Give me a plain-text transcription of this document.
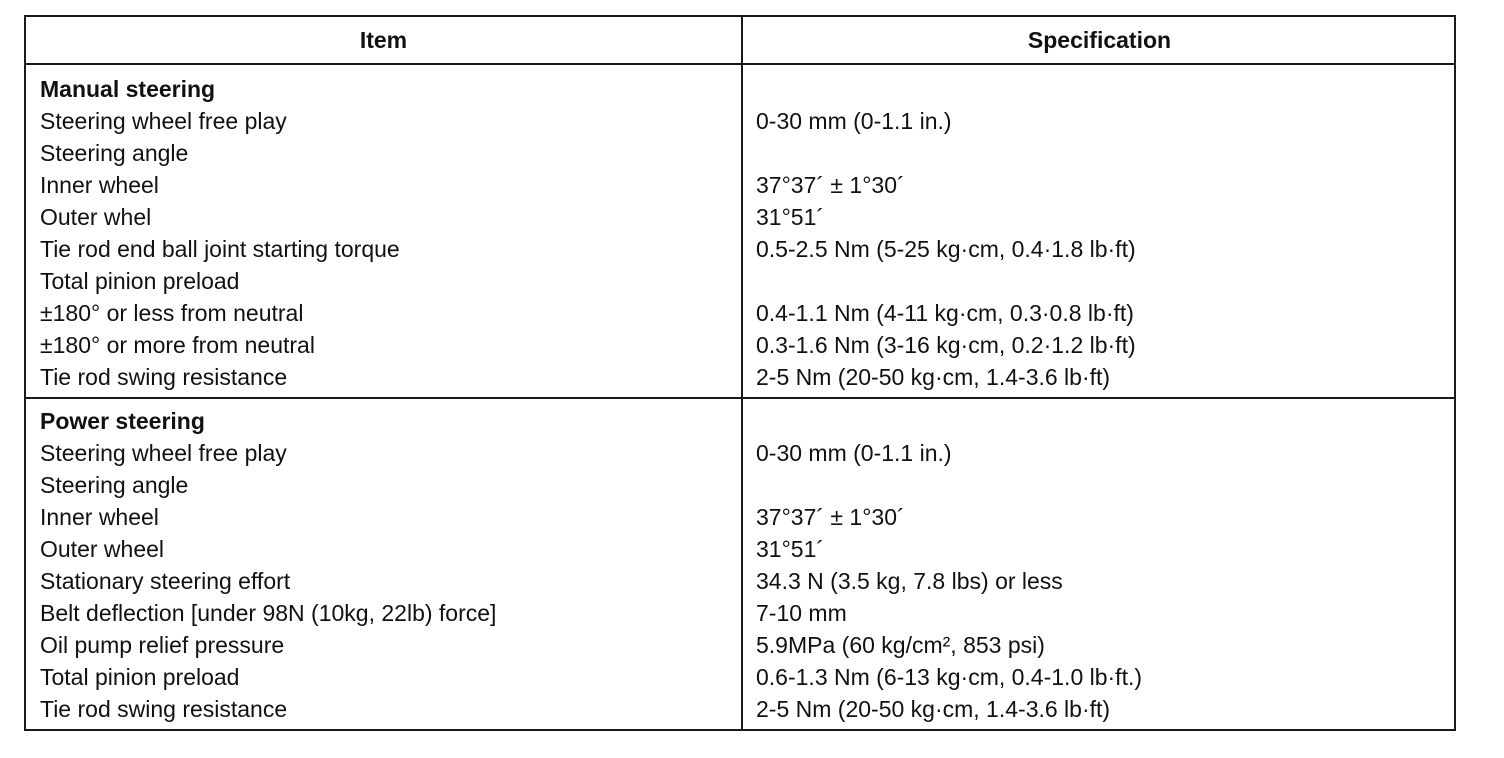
Item	Specification
Manual steering
Steering wheel free play	0-30 mm (0-1.1 in.)
Steering angle
Inner wheel	37°37´ ± 1°30´
Outer whel	31°51´
Tie rod end ball joint starting torque	0.5-2.5 Nm (5-25 kg·cm, 0.4·1.8 lb·ft)
Total pinion preload
±180° or less from neutral	0.4-1.1 Nm (4-11 kg·cm, 0.3·0.8 lb·ft)
±180° or more from neutral	0.3-1.6 Nm (3-16 kg·cm, 0.2·1.2 lb·ft)
Tie rod swing resistance	2-5 Nm (20-50 kg·cm, 1.4-3.6 lb·ft)
Power steering
Steering wheel free play	0-30 mm (0-1.1 in.)
Steering angle
Inner wheel	37°37´ ± 1°30´
Outer wheel	31°51´
Stationary steering effort	34.3 N (3.5 kg, 7.8 lbs) or less
Belt deflection [under 98N (10kg, 22lb) force]	7-10 mm
Oil pump relief pressure	5.9MPa (60 kg/cm², 853 psi)
Total pinion preload	0.6-1.3 Nm (6-13 kg·cm, 0.4-1.0 lb·ft.)
Tie rod swing resistance	2-5 Nm (20-50 kg·cm, 1.4-3.6 lb·ft)
